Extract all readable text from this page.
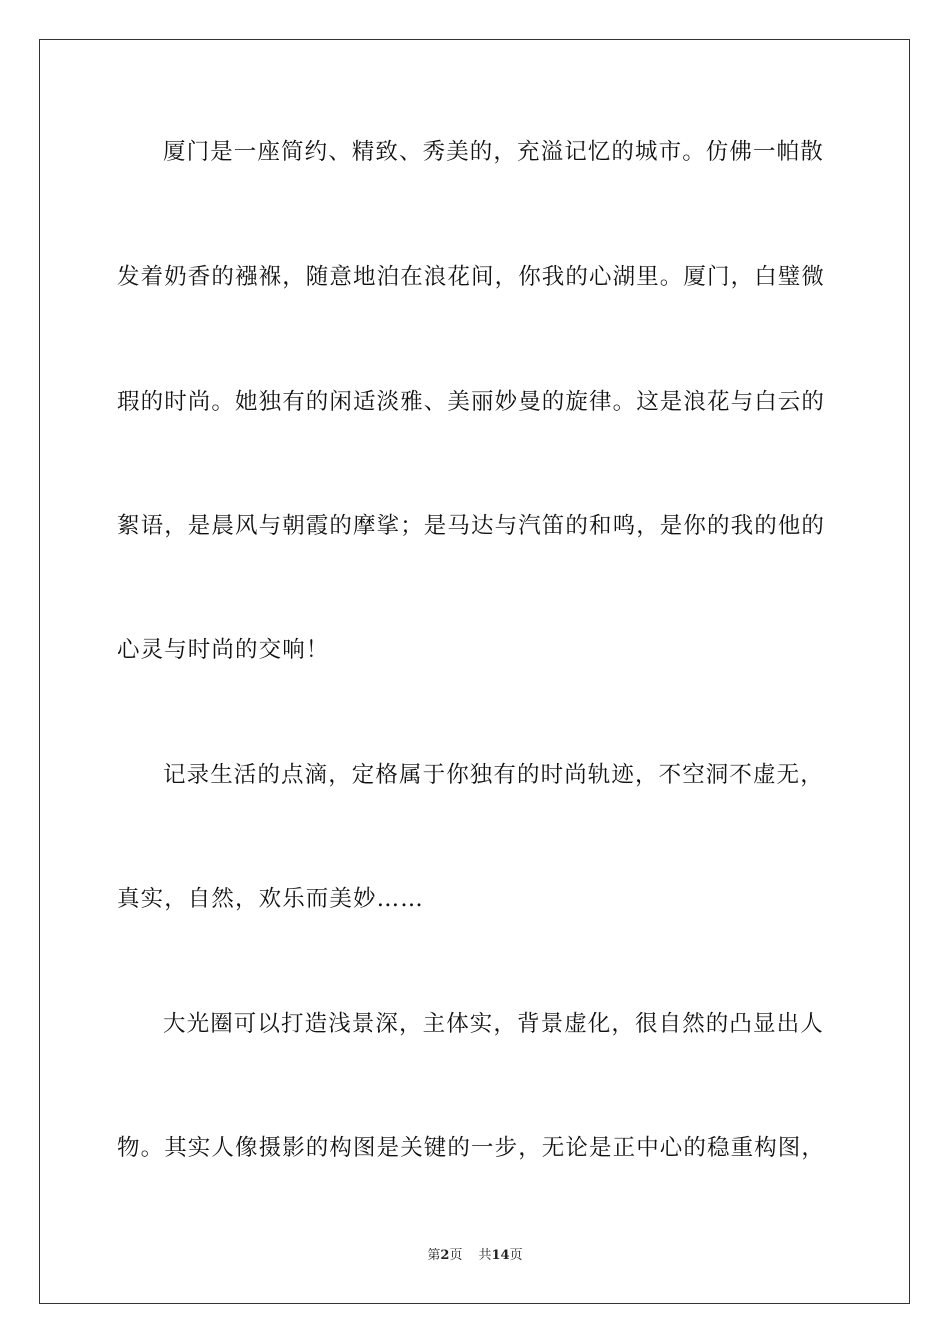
厦门是一座简约、精致、秀美的，充溢记忆的城市。仿佛一帕散
发着奶香的襁褓，随意地泊在浪花间，你我的心湖里。厦门，白璧微
瑕的时尚。她独有的闲适淡雅、美丽妙曼的旋律。这是浪花与白云的
絮语，是晨风与朝霞的摩挲；是马达与汽笛的和鸣，是你的我的他的
心灵与时尚的交响！
记录生活的点滴，定格属于你独有的时尚轨迹，不空洞不虚无，
真实，自然，欢乐而美妙……
大光圈可以打造浅景深，主体实，背景虚化，很自然的凸显出人
物。其实人像摄影的构图是关键的一步，无论是正中心的稳重构图，
第2页 共14页
